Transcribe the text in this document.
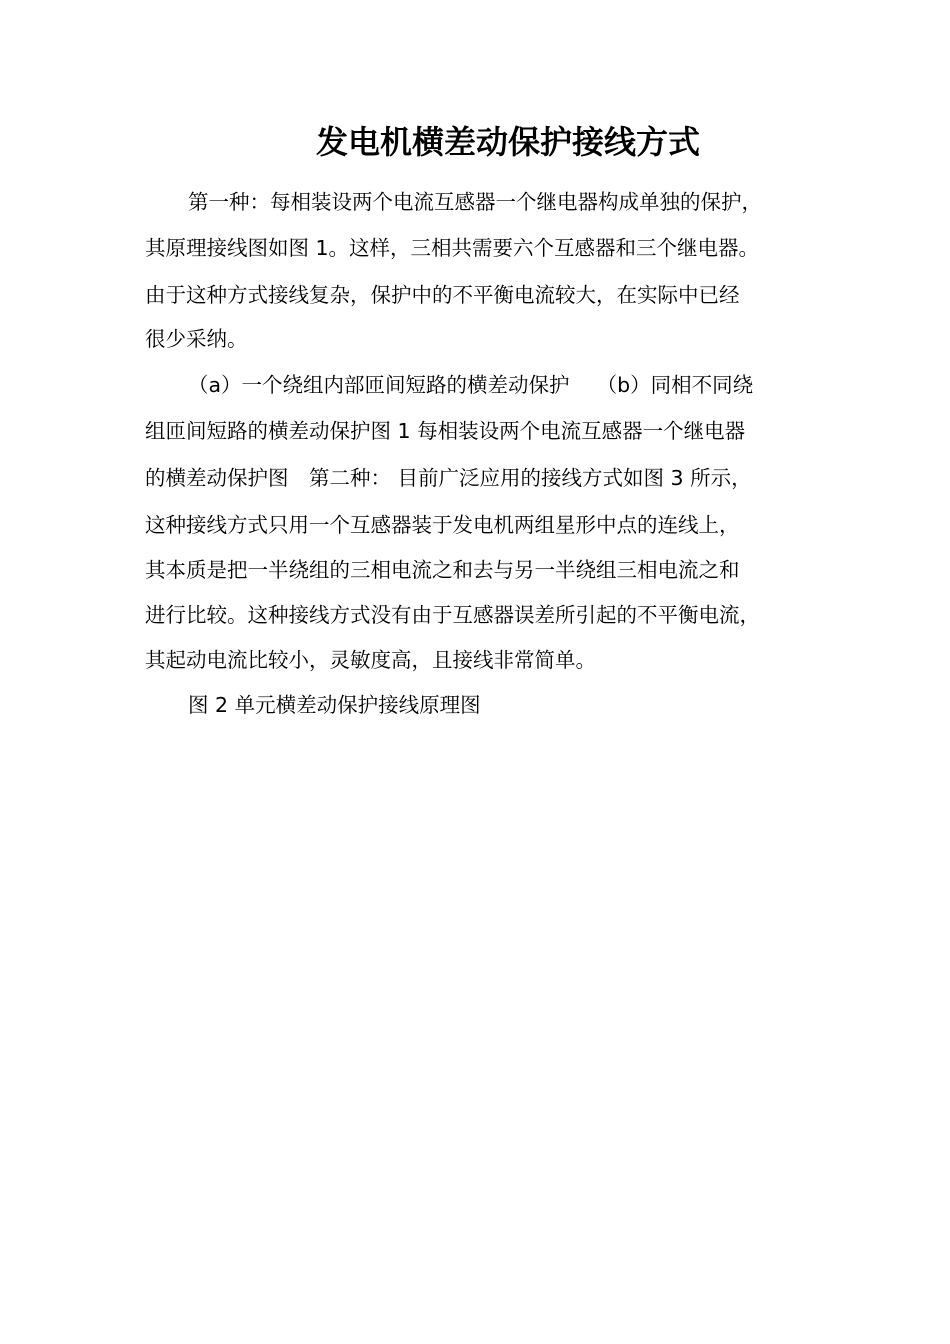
发电机横差动保护接线方式

第一种：每相装设两个电流互感器一个继电器构成单独的保护，

其原理接线图如图 1。这样，三相共需要六个互感器和三个继电器。

由于这种方式接线复杂，保护中的不平衡电流较大，在实际中已经

很少采纳。

（a）一个绕组内部匝间短路的横差动保护　 （b）同相不同绕

组匝间短路的横差动保护图 1 每相装设两个电流互感器一个继电器

的横差动保护图　第二种： 目前广泛应用的接线方式如图 3 所示，

这种接线方式只用一个互感器装于发电机两组星形中点的连线上，

其本质是把一半绕组的三相电流之和去与另一半绕组三相电流之和

进行比较。这种接线方式没有由于互感器误差所引起的不平衡电流，

其起动电流比较小，灵敏度高，且接线非常简单。

图 2 单元横差动保护接线原理图
